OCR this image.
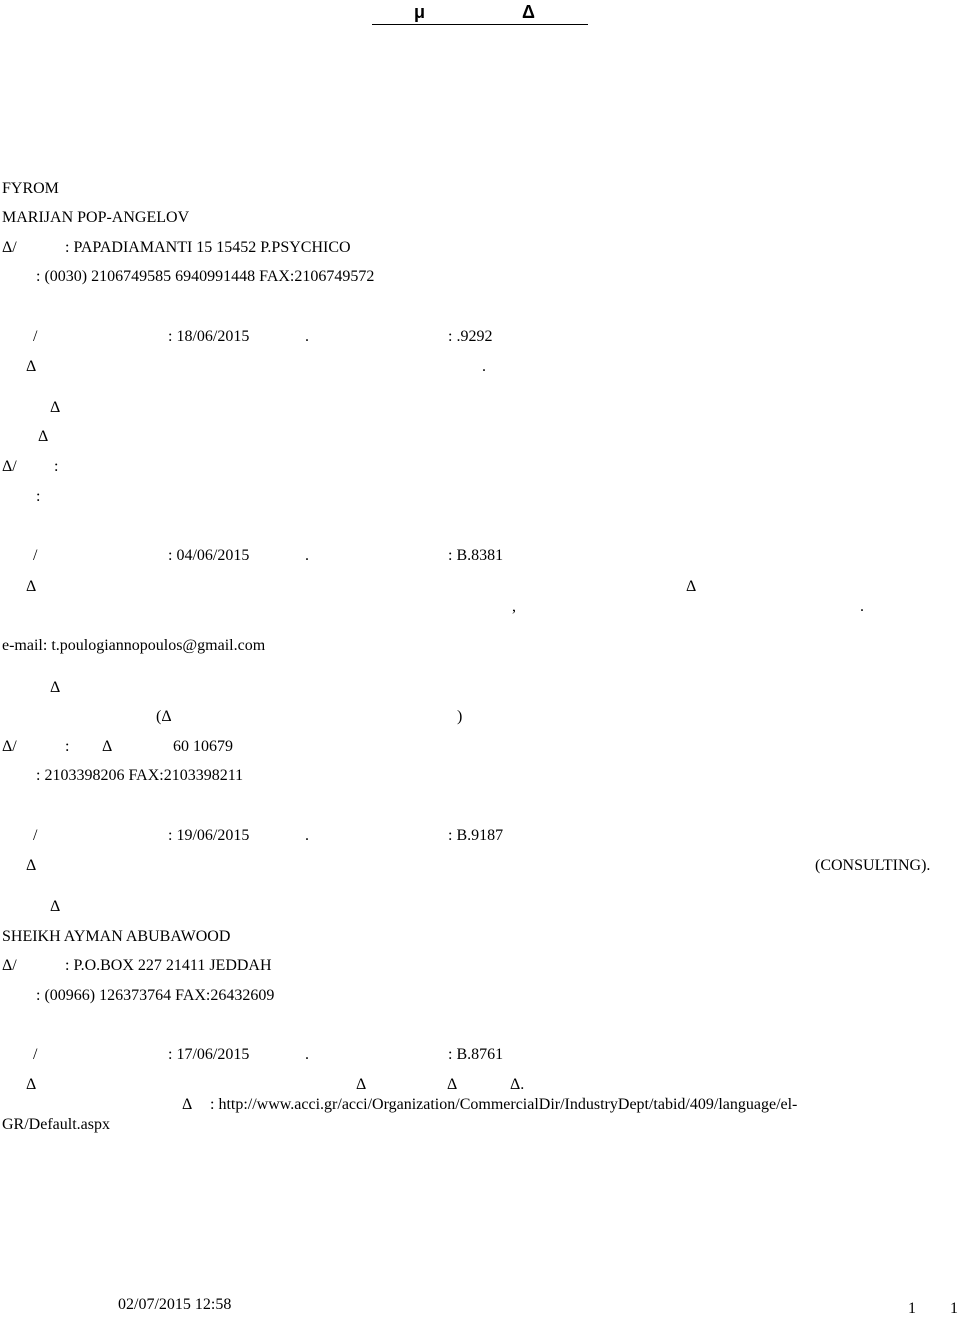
μ	Δ
FYROM
MARIJAN POP-ANGELOV
Δ/	: PAPADIAMANTI 15 15452 P.PSYCHICO
: (0030) 2106749585 6940991448 FAX:2106749572
/	: 18/06/2015	.	: .9292
Δ	.
Δ
Δ
Δ/ :
:
/	: 04/06/2015	.	: B.8381
Δ	Δ
,	.
e-mail: t.poulogiannopoulos@gmail.com
Δ
(Δ	)
Δ/	: Δ	60 10679
: 2103398206 FAX:2103398211
/	: 19/06/2015	.	: B.9187
Δ	(CONSULTING).
Δ
SHEIKH AYMAN ABUBAWOOD
Δ/	: P.O.BOX 227 21411 JEDDAH
: (00966) 126373764 FAX:26432609
/	: 17/06/2015	.	: B.8761
Δ	Δ	Δ	Δ.
Δ : http://www.acci.gr/acci/Organization/CommercialDir/IndustryDept/tabid/409/language/el-
GR/Default.aspx
02/07/2015 12:58	1 1
